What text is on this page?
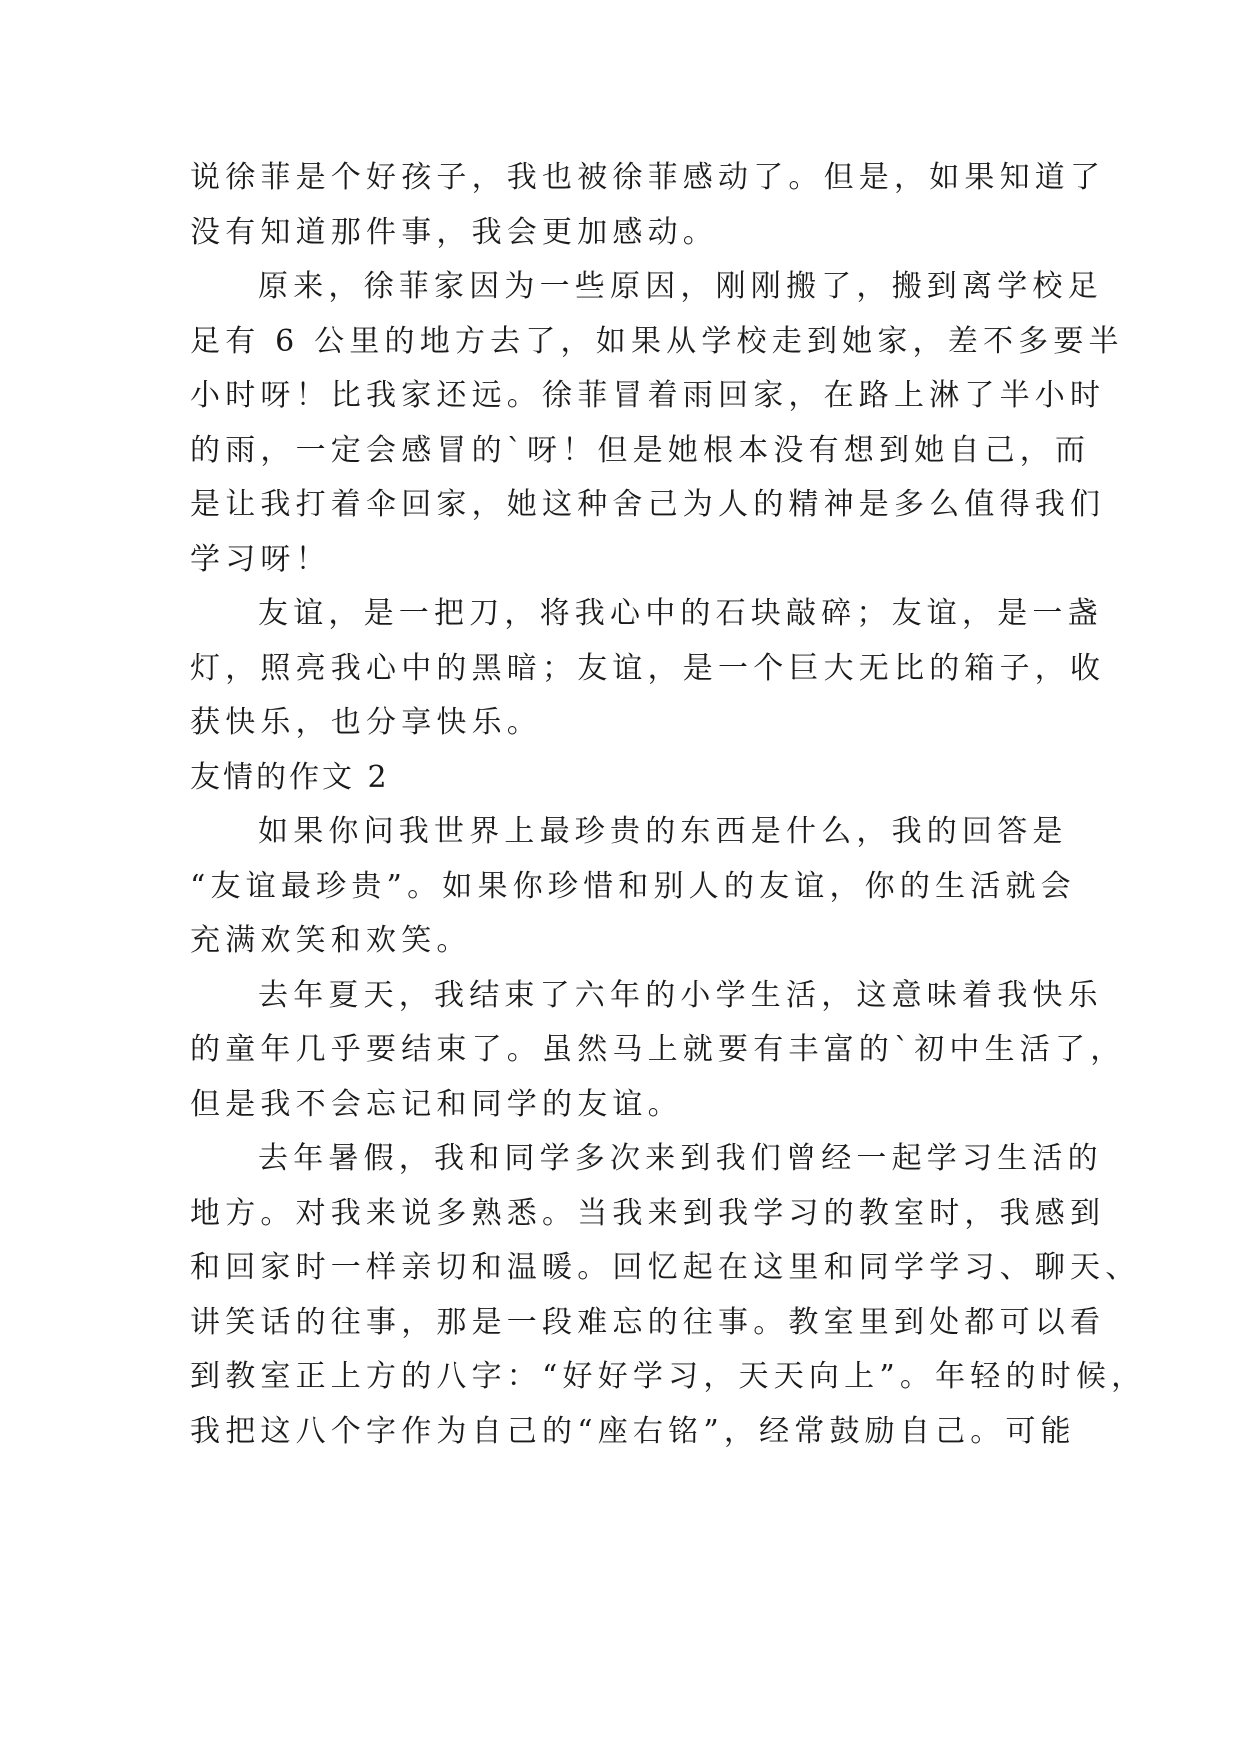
说徐菲是个好孩子，我也被徐菲感动了。但是，如果知道了
没有知道那件事，我会更加感动。
原来，徐菲家因为一些原因，刚刚搬了，搬到离学校足
足有 6 公里的地方去了，如果从学校走到她家，差不多要半
小时呀！比我家还远。徐菲冒着雨回家，在路上淋了半小时
的雨，一定会感冒的`呀！但是她根本没有想到她自己，而
是让我打着伞回家，她这种舍己为人的精神是多么值得我们
学习呀！
友谊，是一把刀，将我心中的石块敲碎；友谊，是一盏
灯，照亮我心中的黑暗；友谊，是一个巨大无比的箱子，收
获快乐，也分享快乐。
友情的作文 2
如果你问我世界上最珍贵的东西是什么，我的回答是
“友谊最珍贵”。如果你珍惜和别人的友谊，你的生活就会
充满欢笑和欢笑。
去年夏天，我结束了六年的小学生活，这意味着我快乐
的童年几乎要结束了。虽然马上就要有丰富的`初中生活了，
但是我不会忘记和同学的友谊。
去年暑假，我和同学多次来到我们曾经一起学习生活的
地方。对我来说多熟悉。当我来到我学习的教室时，我感到
和回家时一样亲切和温暖。回忆起在这里和同学学习、聊天、
讲笑话的往事，那是一段难忘的往事。教室里到处都可以看
到教室正上方的八字：“好好学习，天天向上”。年轻的时候，
我把这八个字作为自己的“座右铭”，经常鼓励自己。可能
